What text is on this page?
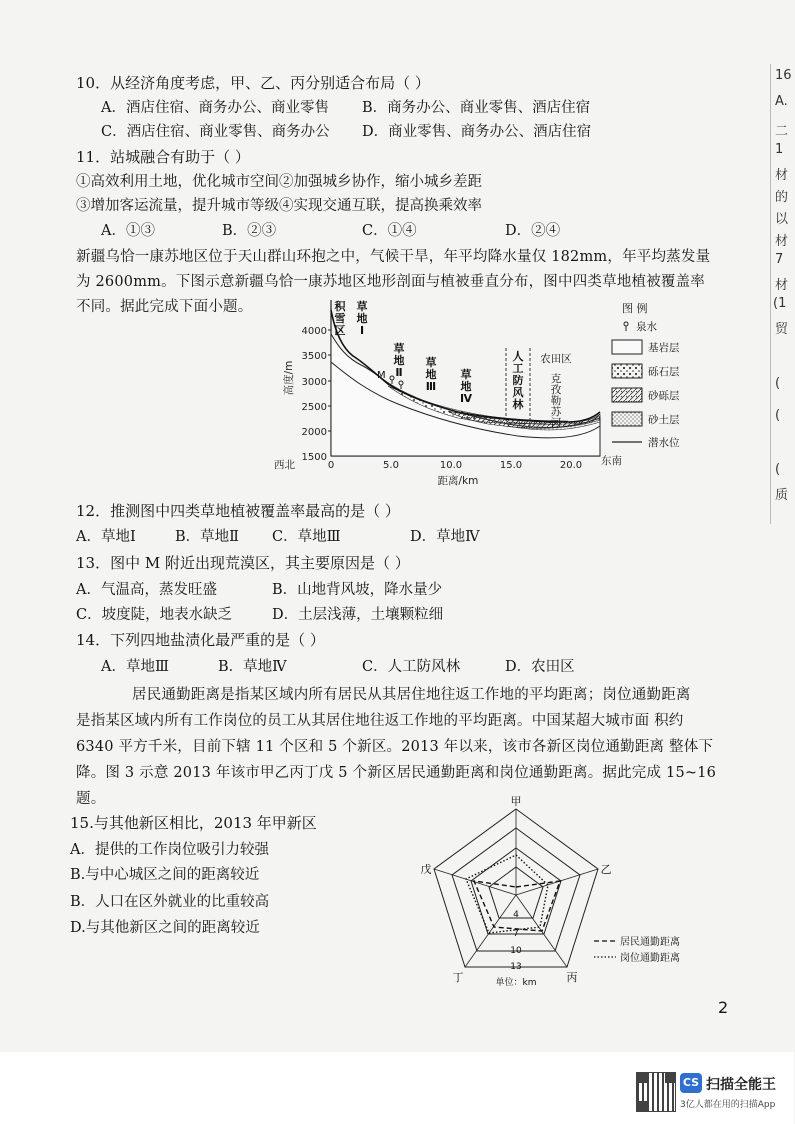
10．从经济角度考虑，甲、乙、丙分别适合布局（ ）
A．酒店住宿、商务办公、商业零售 B．商务办公、商业零售、酒店住宿
C．酒店住宿、商业零售、商务办公 D．商业零售、商务办公、酒店住宿
11．站城融合有助于（ ）
①高效利用土地，优化城市空间②加强城乡协作，缩小城乡差距
③增加客运流量，提升城市等级④实现交通互联，提高换乘效率
A．①③	B．②③	C．①④	D．②④
新疆乌恰一康苏地区位于天山群山环抱之中，气候干旱，年平均降水量仅 182mm，年平均蒸发量
为 2600mm。下图示意新疆乌恰一康苏地区地形剖面与植被垂直分布，图中四类草地植被覆盖率
不同。据此完成下面小题。
4000
3500
3000
2500
2000
1500
高度/m
0	5.0	10.0	15.0	20.0
西北	东南
距离/km
积
雪
区
草
地
Ⅰ
草
地
Ⅱ
草
地
Ⅲ
草
地
Ⅳ
人
工
防
风
林
农田区
克
孜
勒
苏
河
M
图 例
泉水
基岩层
砾石层
砂砾层
砂土层
潜水位
12．推测图中四类草地植被覆盖率最高的是（ ）
A．草地Ⅰ	B．草地Ⅱ C．草地Ⅲ	D．草地Ⅳ
13．图中 M 附近出现荒漠区，其主要原因是（ ）
A．气温高，蒸发旺盛	B．山地背风坡，降水量少
C．坡度陡，地表水缺乏	D．土层浅薄，土壤颗粒细
14．下列四地盐渍化最严重的是（ ）
A．草地Ⅲ	B．草地Ⅳ	C．人工防风林	D．农田区
居民通勤距离是指某区域内所有居民从其居住地往返工作地的平均距离；岗位通勤距离
是指某区域内所有工作岗位的员工从其居住地往返工作地的平均距离。中国某超大城市面 积约
6340 平方千米，目前下辖 11 个区和 5 个新区。2013 年以来，该市各新区岗位通勤距离 整体下
降。图 3 示意 2013 年该市甲乙丙丁戊 5 个新区居民通勤距离和岗位通勤距离。据此完成 15~16
题。
15.与其他新区相比，2013 年甲新区
A．提供的工作岗位吸引力较强
B.与中心城区之间的距离较近
B．人口在区外就业的比重较高
D.与其他新区之间的距离较近
甲
乙
丙
丁
戊
4
7
10
13
单位：km
居民通勤距离
岗位通勤距离
2
16
A.
二
1
材
的
以
材
7
材
(1
贸
(
(
(
质
CS 扫描全能王
3亿人都在用的扫描App
